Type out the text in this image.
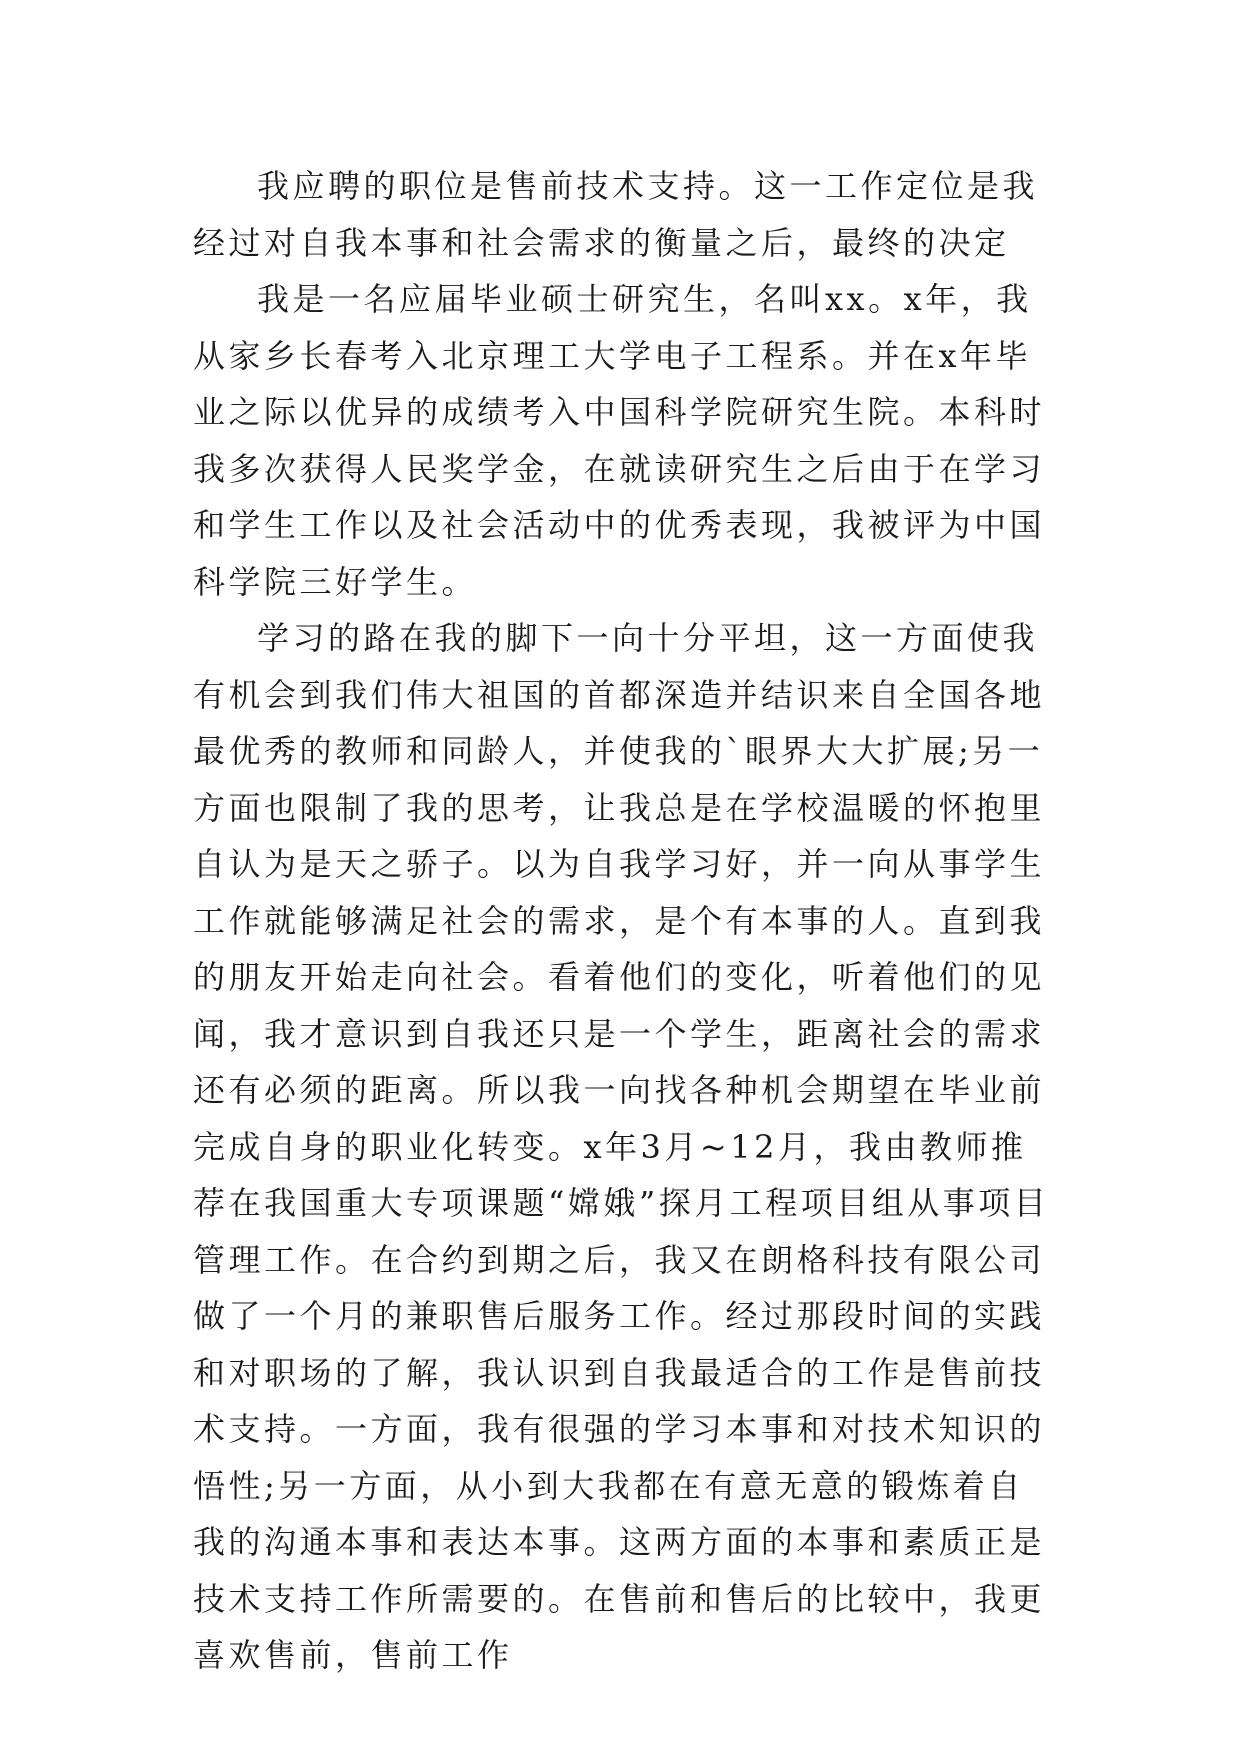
我应聘的职位是售前技术支持。这一工作定位是我经过对自我本事和社会需求的衡量之后，最终的决定

我是一名应届毕业硕士研究生，名叫xx。x年，我从家乡长春考入北京理工大学电子工程系。并在x年毕业之际以优异的成绩考入中国科学院研究生院。本科时我多次获得人民奖学金，在就读研究生之后由于在学习和学生工作以及社会活动中的优秀表现，我被评为中国科学院三好学生。

学习的路在我的脚下一向十分平坦，这一方面使我有机会到我们伟大祖国的首都深造并结识来自全国各地最优秀的教师和同龄人，并使我的`眼界大大扩展;另一方面也限制了我的思考，让我总是在学校温暖的怀抱里自认为是天之骄子。以为自我学习好，并一向从事学生工作就能够满足社会的需求，是个有本事的人。直到我的朋友开始走向社会。看着他们的变化，听着他们的见闻，我才意识到自我还只是一个学生，距离社会的需求还有必须的距离。所以我一向找各种机会期望在毕业前完成自身的职业化转变。x年3月~12月，我由教师推荐在我国重大专项课题“嫦娥”探月工程项目组从事项目管理工作。在合约到期之后，我又在朗格科技有限公司做了一个月的兼职售后服务工作。经过那段时间的实践和对职场的了解，我认识到自我最适合的工作是售前技术支持。一方面，我有很强的学习本事和对技术知识的悟性;另一方面，从小到大我都在有意无意的锻炼着自我的沟通本事和表达本事。这两方面的本事和素质正是技术支持工作所需要的。在售前和售后的比较中，我更喜欢售前，售前工作
